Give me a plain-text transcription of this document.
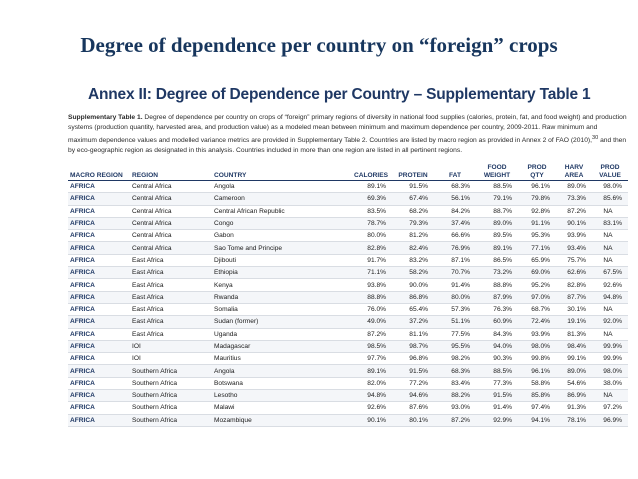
Degree of dependence per country on “foreign” crops
Annex II: Degree of Dependence per Country – Supplementary Table 1
Supplementary Table 1. Degree of dependence per country on crops of “foreign” primary regions of diversity in national food supplies (calories, protein, fat, and food weight) and production systems (production quantity, harvested area, and production value) as a modeled mean between minimum and maximum dependence per country, 2009-2011. Raw minimum and maximum dependence values and modelled variance metrics are provided in Supplementary Table 2. Countries are listed by macro region as provided in Annex 2 of FAO (2010),$^{30}$ and then by eco-geographic region as designated in this analysis. Countries included in more than one region are listed in all pertinent regions.
MACRO REGION	REGION	COUNTRY	CALORIES	PROTEIN	FAT	FOOD WEIGHT	PROD QTY	HARV AREA	PROD VALUE
AFRICA	Central Africa	Angola	89.1%	91.5%	68.3%	88.5%	96.1%	89.0%	98.0%
AFRICA	Central Africa	Cameroon	69.3%	67.4%	56.1%	79.1%	79.8%	73.3%	85.6%
AFRICA	Central Africa	Central African Republic	83.5%	68.2%	84.2%	88.7%	92.8%	87.2%	NA
AFRICA	Central Africa	Congo	78.7%	79.3%	37.4%	89.0%	91.1%	90.1%	83.1%
AFRICA	Central Africa	Gabon	80.0%	81.2%	66.6%	89.5%	95.3%	93.9%	NA
AFRICA	Central Africa	Sao Tome and Principe	82.8%	82.4%	76.9%	89.1%	77.1%	93.4%	NA
AFRICA	East Africa	Djibouti	91.7%	83.2%	87.1%	86.5%	65.9%	75.7%	NA
AFRICA	East Africa	Ethiopia	71.1%	58.2%	70.7%	73.2%	69.0%	62.6%	67.5%
AFRICA	East Africa	Kenya	93.8%	90.0%	91.4%	88.8%	95.2%	82.8%	92.6%
AFRICA	East Africa	Rwanda	88.8%	86.8%	80.0%	87.9%	97.0%	87.7%	94.8%
AFRICA	East Africa	Somalia	76.0%	65.4%	57.3%	76.3%	68.7%	30.1%	NA
AFRICA	East Africa	Sudan (former)	49.0%	37.2%	51.1%	60.9%	72.4%	19.1%	92.0%
AFRICA	East Africa	Uganda	87.2%	81.1%	77.5%	84.3%	93.9%	81.3%	NA
AFRICA	IOI	Madagascar	98.5%	98.7%	95.5%	94.0%	98.0%	98.4%	99.9%
AFRICA	IOI	Mauritius	97.7%	96.8%	98.2%	90.3%	99.8%	99.1%	99.9%
AFRICA	Southern Africa	Angola	89.1%	91.5%	68.3%	88.5%	96.1%	89.0%	98.0%
AFRICA	Southern Africa	Botswana	82.0%	77.2%	83.4%	77.3%	58.8%	54.6%	38.0%
AFRICA	Southern Africa	Lesotho	94.8%	94.6%	88.2%	91.5%	85.8%	86.9%	NA
AFRICA	Southern Africa	Malawi	92.6%	87.6%	93.0%	91.4%	97.4%	91.3%	97.2%
AFRICA	Southern Africa	Mozambique	90.1%	80.1%	87.2%	92.9%	94.1%	78.1%	96.9%
